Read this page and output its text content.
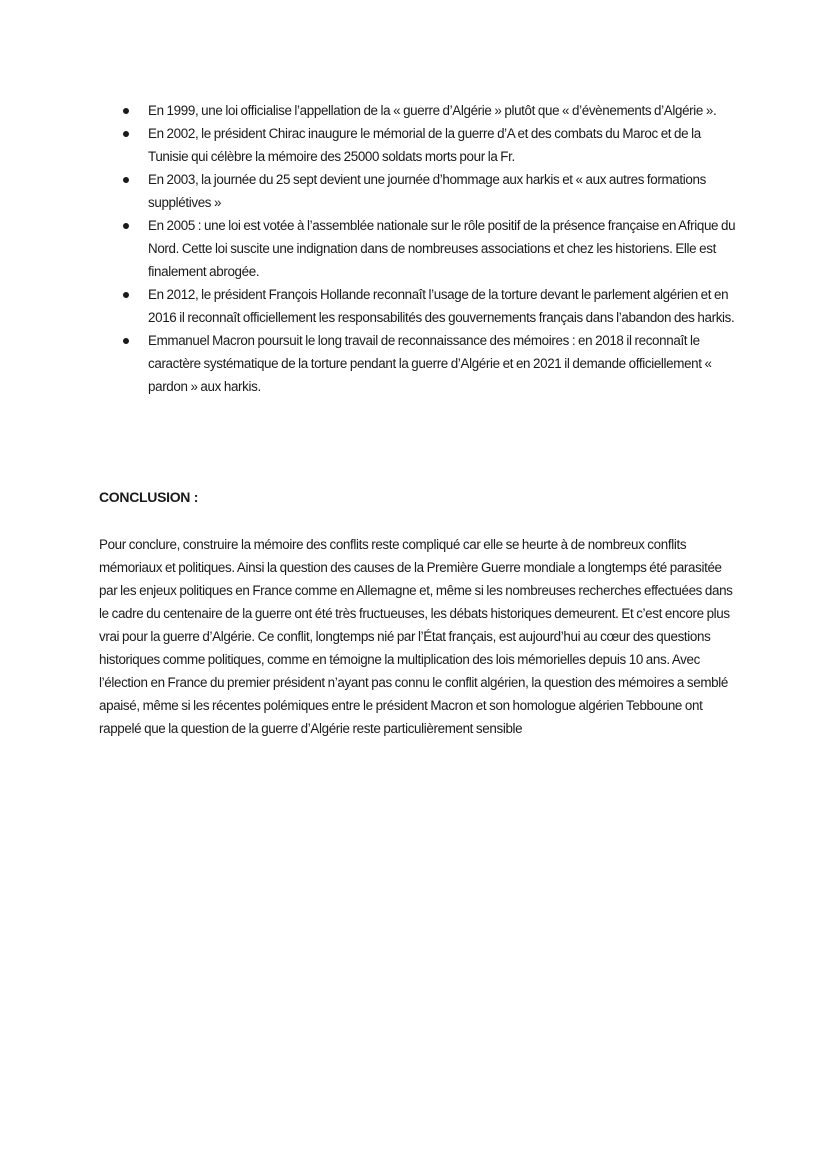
En 1999, une loi officialise l’appellation de la « guerre d’Algérie » plutôt que « d’évènements d’Algérie ».
En 2002, le président Chirac inaugure le mémorial de la guerre d’A et des combats du Maroc et de la Tunisie qui célèbre la mémoire des 25000 soldats morts pour la Fr.
En 2003, la journée du 25 sept devient une journée d’hommage aux harkis et « aux autres formations supplétives »
En 2005 : une loi est votée à l’assemblée nationale sur le rôle positif de la présence française en Afrique du Nord. Cette loi suscite une indignation dans de nombreuses associations et chez les historiens. Elle est finalement abrogée.
En 2012, le président François Hollande reconnaît l’usage de la torture devant le parlement algérien et en 2016 il reconnaît officiellement les responsabilités des gouvernements français dans l’abandon des harkis.
Emmanuel Macron poursuit le long travail de reconnaissance des mémoires : en 2018 il reconnaît le caractère systématique de la torture pendant la guerre d’Algérie et en 2021 il demande officiellement « pardon » aux harkis.
CONCLUSION :

Pour conclure, construire la mémoire des conflits reste compliqué car elle se heurte à de nombreux conflits mémoriaux et politiques. Ainsi la question des causes de la Première Guerre mondiale a longtemps été parasitée par les enjeux politiques en France comme en Allemagne et, même si les nombreuses recherches effectuées dans le cadre du centenaire de la guerre ont été très fructueuses, les débats historiques demeurent. Et c’est encore plus vrai pour la guerre d’Algérie. Ce conflit, longtemps nié par l’État français, est aujourd’hui au cœur des questions historiques comme politiques, comme en témoigne la multiplication des lois mémorielles depuis 10 ans. Avec l’élection en France du premier président n’ayant pas connu le conflit algérien, la question des mémoires a semblé apaisé, même si les récentes polémiques entre le président Macron et son homologue algérien Tebboune ont rappelé que la question de la guerre d’Algérie reste particulièrement sensible
